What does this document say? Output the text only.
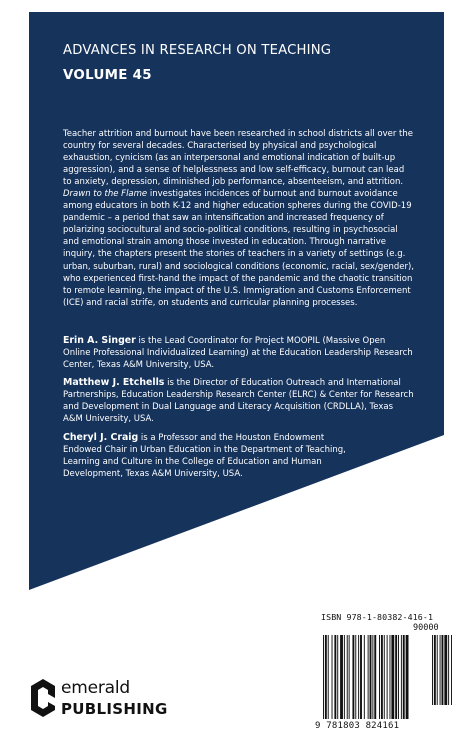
ADVANCES IN RESEARCH ON TEACHING
VOLUME 45

Teacher attrition and burnout have been researched in school districts all over the country for several decades. Characterised by physical and psychological exhaustion, cynicism (as an interpersonal and emotional indication of built-up aggression), and a sense of helplessness and low self-efficacy, burnout can lead to anxiety, depression, diminished job performance, absenteeism, and attrition.

Drawn to the Flame investigates incidences of burnout and burnout avoidance among educators in both K-12 and higher education spheres during the COVID-19 pandemic – a period that saw an intensification and increased frequency of polarizing sociocultural and socio-political conditions, resulting in psychosocial and emotional strain among those invested in education. Through narrative inquiry, the chapters present the stories of teachers in a variety of settings (e.g. urban, suburban, rural) and sociological conditions (economic, racial, sex/gender), who experienced first-hand the impact of the pandemic and the chaotic transition to remote learning, the impact of the U.S. Immigration and Customs Enforcement (ICE) and racial strife, on students and curricular planning processes.

Erin A. Singer is the Lead Coordinator for Project MOOPIL (Massive Open Online Professional Individualized Learning) at the Education Leadership Research Center, Texas A&M University, USA.

Matthew J. Etchells is the Director of Education Outreach and International Partnerships, Education Leadership Research Center (ELRC) & Center for Research and Development in Dual Language and Literacy Acquisition (CRDLLA), Texas A&M University, USA.

Cheryl J. Craig is a Professor and the Houston Endowment Endowed Chair in Urban Education in the Department of Teaching, Learning and Culture in the College of Education and Human Development, Texas A&M University, USA.

emerald
PUBLISHING
ISBN 978-1-80382-416-1
90000
9 781803 824161
